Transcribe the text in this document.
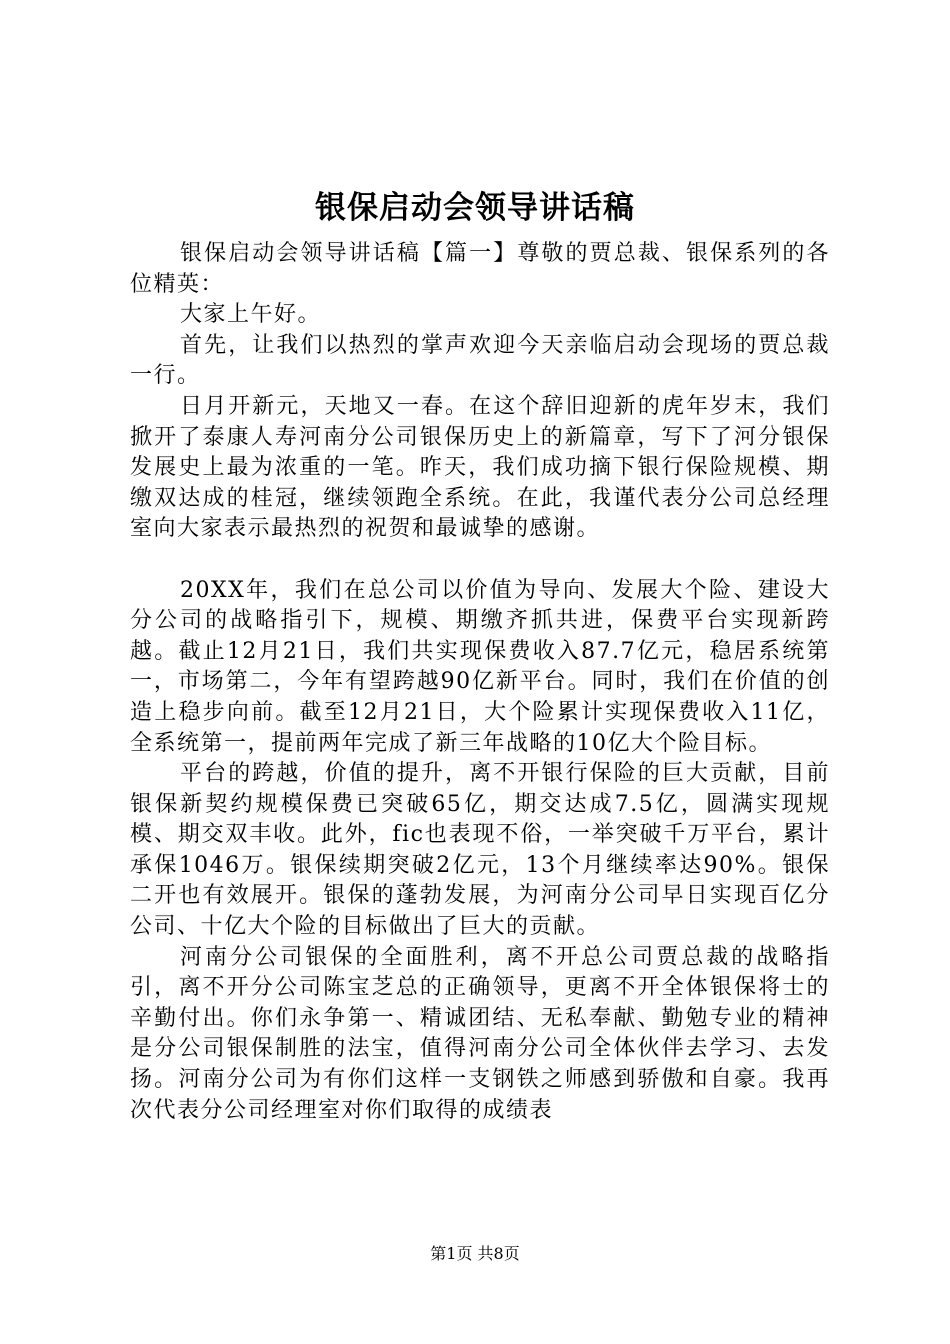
银保启动会领导讲话稿

银保启动会领导讲话稿【篇一】尊敬的贾总裁、银保系列的各位精英：

大家上午好。

首先，让我们以热烈的掌声欢迎今天亲临启动会现场的贾总裁一行。

日月开新元，天地又一春。在这个辞旧迎新的虎年岁末，我们掀开了泰康人寿河南分公司银保历史上的新篇章，写下了河分银保发展史上最为浓重的一笔。昨天，我们成功摘下银行保险规模、期缴双达成的桂冠，继续领跑全系统。在此，我谨代表分公司总经理室向大家表示最热烈的祝贺和最诚挚的感谢。

20XX年，我们在总公司以价值为导向、发展大个险、建设大分公司的战略指引下，规模、期缴齐抓共进，保费平台实现新跨越。截止12月21日，我们共实现保费收入87.7亿元，稳居系统第一，市场第二，今年有望跨越90亿新平台。同时，我们在价值的创造上稳步向前。截至12月21日，大个险累计实现保费收入11亿，全系统第一，提前两年完成了新三年战略的10亿大个险目标。

平台的跨越，价值的提升，离不开银行保险的巨大贡献，目前银保新契约规模保费已突破65亿，期交达成7.5亿，圆满实现规模、期交双丰收。此外，fic也表现不俗，一举突破千万平台，累计承保1046万。银保续期突破2亿元，13个月继续率达90%。银保二开也有效展开。银保的蓬勃发展，为河南分公司早日实现百亿分公司、十亿大个险的目标做出了巨大的贡献。

河南分公司银保的全面胜利，离不开总公司贾总裁的战略指引，离不开分公司陈宝芝总的正确领导，更离不开全体银保将士的辛勤付出。你们永争第一、精诚团结、无私奉献、勤勉专业的精神是分公司银保制胜的法宝，值得河南分公司全体伙伴去学习、去发扬。河南分公司为有你们这样一支钢铁之师感到骄傲和自豪。我再次代表分公司经理室对你们取得的成绩表

第1页 共8页
